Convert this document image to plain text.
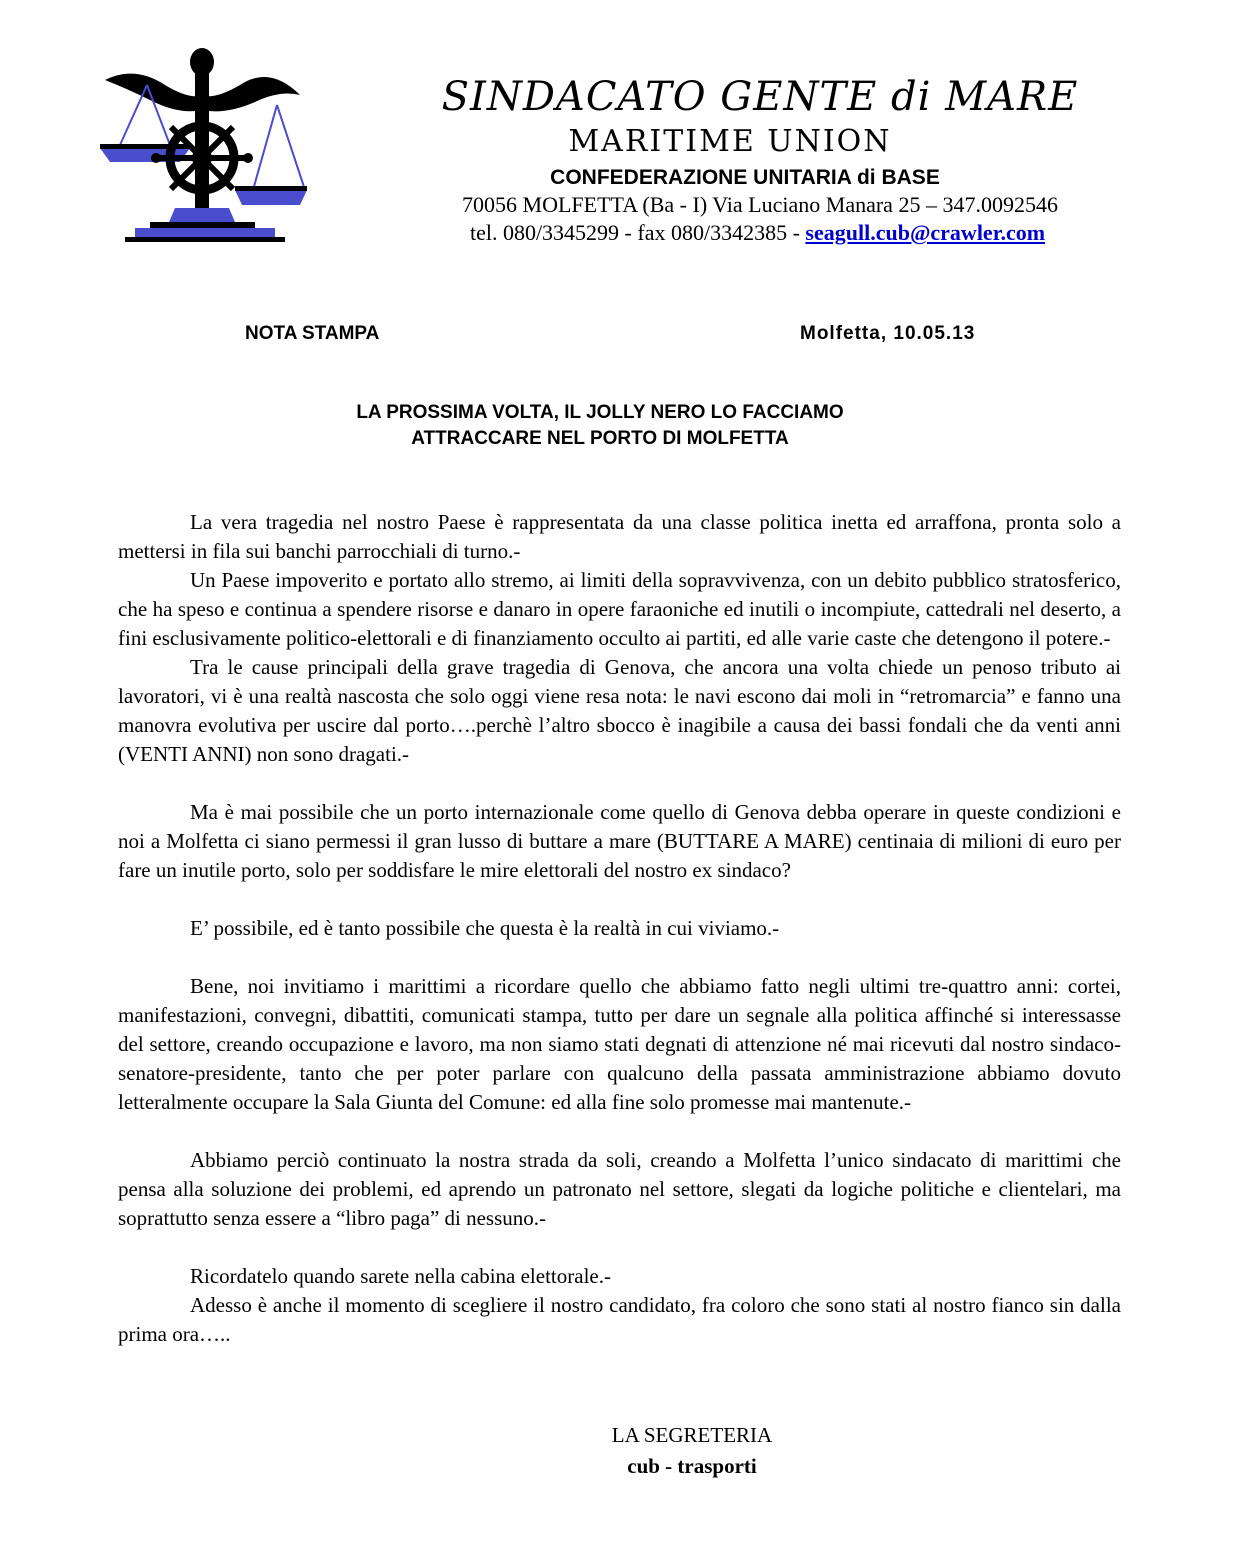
SINDACATO GENTE di MARE
MARITIME UNION
CONFEDERAZIONE UNITARIA di BASE
70056 MOLFETTA (Ba - I) Via Luciano Manara 25 – 347.0092546
tel. 080/3345299 - fax 080/3342385 - seagull.cub@crawler.com
NOTA STAMPA	Molfetta, 10.05.13
LA PROSSIMA VOLTA, IL JOLLY NERO LO FACCIAMO
ATTRACCARE NEL PORTO DI MOLFETTA

La vera tragedia nel nostro Paese è rappresentata da una classe politica inetta ed arraffona, pronta solo a mettersi in fila sui banchi parrocchiali di turno.-

Un Paese impoverito e portato allo stremo, ai limiti della sopravvivenza, con un debito pubblico stratosferico, che ha speso e continua a spendere risorse e danaro in opere faraoniche ed inutili o incompiute, cattedrali nel deserto, a fini esclusivamente politico-elettorali e di finanziamento occulto ai partiti, ed alle varie caste che detengono il potere.-

Tra le cause principali della grave tragedia di Genova, che ancora una volta chiede un penoso tributo ai lavoratori, vi è una realtà nascosta che solo oggi viene resa nota: le navi escono dai moli in “retromarcia” e fanno una manovra evolutiva per uscire dal porto….perchè l’altro sbocco è inagibile a causa dei bassi fondali che da venti anni (VENTI ANNI) non sono dragati.-

Ma è mai possibile che un porto internazionale come quello di Genova debba operare in queste condizioni e noi a Molfetta ci siano permessi il gran lusso di buttare a mare (BUTTARE A MARE) centinaia di milioni di euro per fare un inutile porto, solo per soddisfare le mire elettorali del nostro ex sindaco?

E’ possibile, ed è tanto possibile che questa è la realtà in cui viviamo.-

Bene, noi invitiamo i marittimi a ricordare quello che abbiamo fatto negli ultimi tre-quattro anni: cortei, manifestazioni, convegni, dibattiti, comunicati stampa, tutto per dare un segnale alla politica affinché si interessasse del settore, creando occupazione e lavoro, ma non siamo stati degnati di attenzione né mai ricevuti dal nostro sindaco-senatore-presidente, tanto che per poter parlare con qualcuno della passata amministrazione abbiamo dovuto letteralmente occupare la Sala Giunta del Comune: ed alla fine solo promesse mai mantenute.-

Abbiamo perciò continuato la nostra strada da soli, creando a Molfetta l’unico sindacato di marittimi che pensa alla soluzione dei problemi, ed aprendo un patronato nel settore, slegati da logiche politiche e clientelari, ma soprattutto senza essere a “libro paga” di nessuno.-

Ricordatelo quando sarete nella cabina elettorale.-

Adesso è anche il momento di scegliere il nostro candidato, fra coloro che sono stati al nostro fianco sin dalla prima ora…..

LA SEGRETERIA
cub - trasporti
